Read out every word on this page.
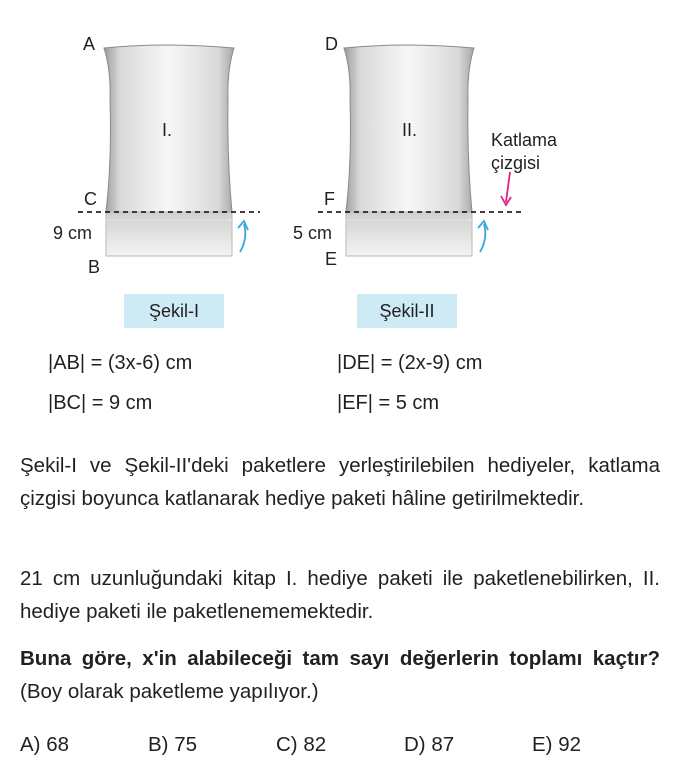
A
I.
C
9 cm
B
Şekil-I
D
II.
F
5 cm
E
Katlama
çizgisi
Şekil-II
|AB| = (3x-6) cm
|BC| = 9 cm
|DE| = (2x-9) cm
|EF| = 5 cm
Şekil-I ve Şekil-II'deki paketlere yerleştirilebilen hediyeler, katlama çizgisi boyunca katlanarak hediye paketi hâline getirilmektedir.
21 cm uzunluğundaki kitap I. hediye paketi ile paketlenebilirken, II. hediye paketi ile paketlenememektedir.
Buna göre, x'in alabileceği tam sayı değerlerin toplamı kaçtır? (Boy olarak paketleme yapılıyor.)
A) 68	B) 75	C) 82	D) 87	E) 92
